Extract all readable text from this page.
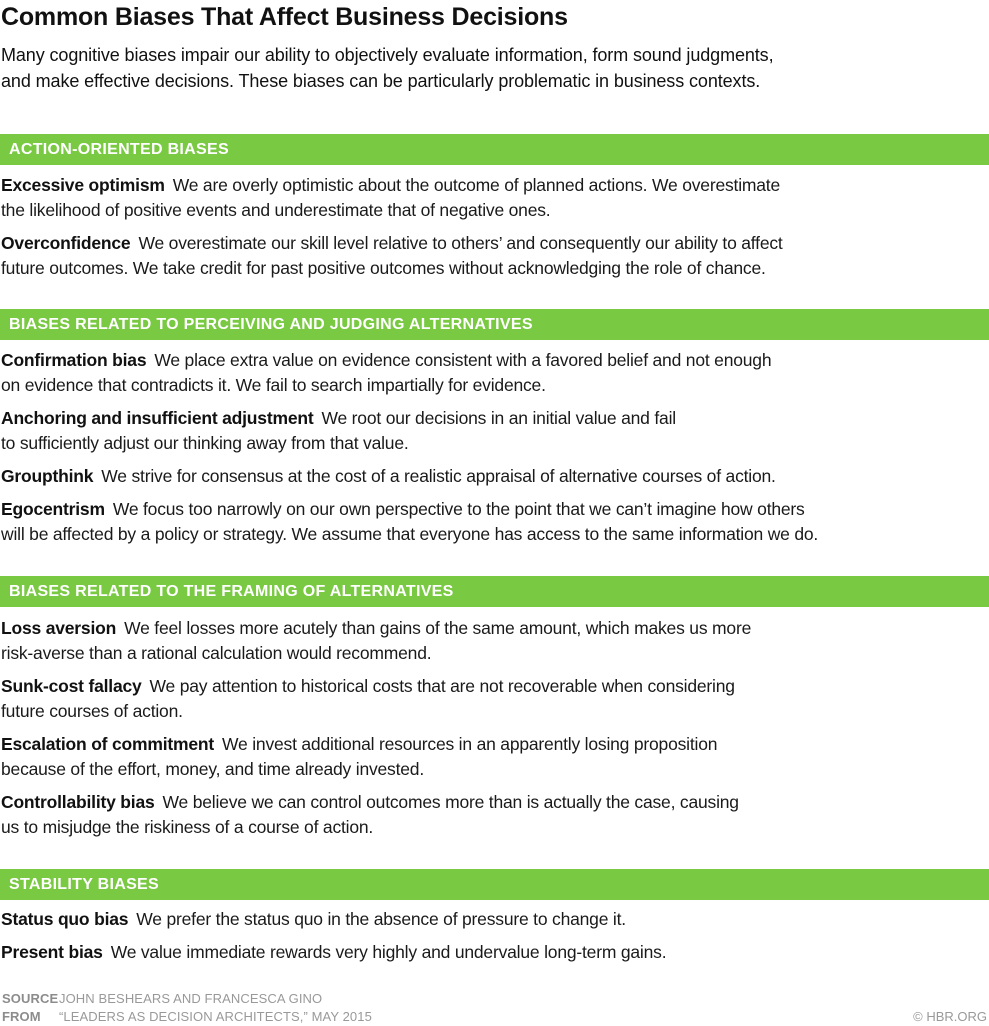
Common Biases That Affect Business Decisions

Many cognitive biases impair our ability to objectively evaluate information, form sound judgments,
and make effective decisions. These biases can be particularly problematic in business contexts.

ACTION-ORIENTED BIASES

Excessive optimism We are overly optimistic about the outcome of planned actions. We overestimate
the likelihood of positive events and underestimate that of negative ones.

Overconfidence We overestimate our skill level relative to others’ and consequently our ability to affect
future outcomes. We take credit for past positive outcomes without acknowledging the role of chance.

BIASES RELATED TO PERCEIVING AND JUDGING ALTERNATIVES

Confirmation bias We place extra value on evidence consistent with a favored belief and not enough
on evidence that contradicts it. We fail to search impartially for evidence.

Anchoring and insufficient adjustment We root our decisions in an initial value and fail
to sufficiently adjust our thinking away from that value.

Groupthink We strive for consensus at the cost of a realistic appraisal of alternative courses of action.

Egocentrism We focus too narrowly on our own perspective to the point that we can’t imagine how others
will be affected by a policy or strategy. We assume that everyone has access to the same information we do.

BIASES RELATED TO THE FRAMING OF ALTERNATIVES

Loss aversion We feel losses more acutely than gains of the same amount, which makes us more
risk-averse than a rational calculation would recommend.

Sunk-cost fallacy We pay attention to historical costs that are not recoverable when considering
future courses of action.

Escalation of commitment We invest additional resources in an apparently losing proposition
because of the effort, money, and time already invested.

Controllability bias We believe we can control outcomes more than is actually the case, causing
us to misjudge the riskiness of a course of action.

STABILITY BIASES

Status quo bias We prefer the status quo in the absence of pressure to change it.

Present bias We value immediate rewards very highly and undervalue long-term gains.

SOURCEJOHN BESHEARS AND FRANCESCA GINO
FROM “LEADERS AS DECISION ARCHITECTS,” MAY 2015	© HBR.ORG
